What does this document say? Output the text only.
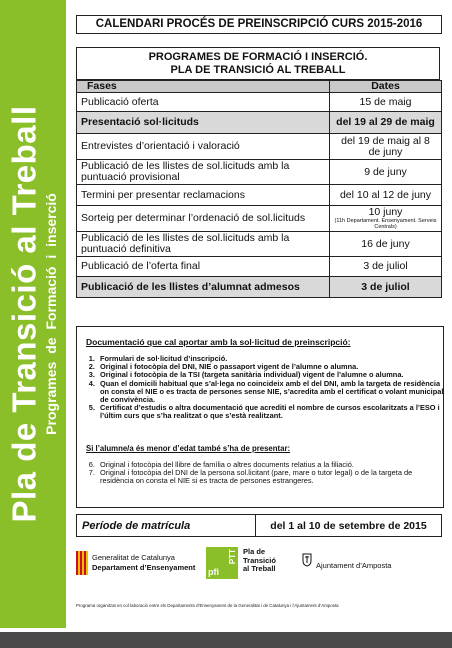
Pla de Transició al Treball Programes de Formació i inserció
CALENDARI PROCÉS DE PREINSCRIPCIÓ CURS 2015-2016
PROGRAMES DE FORMACIÓ I INSERCIÓ.
PLA DE TRANSICIÓ AL TREBALL
Fases	Dates
Publicació oferta	15 de maig
Presentació sol·licituds	del 19 al 29 de maig
Entrevistes d’orientació i valoració	del 19 de maig al 8 de juny
Publicació de les llistes de sol.licituds amb la puntuació provisional	9 de juny
Termini per presentar reclamacions	del 10 al 12 de juny
Sorteig per determinar l’ordenació de sol.licituds	10 juny
(11h Departament. Ensenyament. Serveis Centrals)

Publicació de les llistes de sol.licituds amb la puntuació definitiva	16 de juny
Publicació de l’oferta final	3 de juliol
Publicació de les llistes d’alumnat admesos	3 de juliol
Documentació que cal aportar amb la sol·licitud de preinscripció:
1. Formulari de sol·licitud d’inscripció.
2. Original i fotocòpia del DNI, NIE o passaport vigent de l’alumne o alumna.
3. Original i fotocòpia de la TSI (targeta sanitària individual) vigent de l’alumne o alumna.
4. Quan el domicili habitual que s’al·lega no coincideix amb el del DNI, amb la targeta de residència on consta el NIE o es tracta de persones sense NIE, s’acredita amb el certificat o volant municipal de convivència.
5. Certificat d’estudis o altra documentació que acrediti el nombre de cursos escolaritzats a l’ESO i l’últim curs que s’ha realitzat o que s’està realitzant.
Si l’alumne/a és menor d’edat també s’ha de presentar:
6. Original i fotocòpia del llibre de família o altres documents relatius a la filiació.
7. Original i fotocòpia del DNI de la persona sol.licitant (pare, mare o tutor legal) o de la targeta de residència on consta el NIE si es tracta de persones estrangeres.
Període de matrícula	del 1 al 10 de setembre de 2015
Generalitat de Catalunya
Departament d’Ensenyament
PTT
pfi
Pla de
Transició
al Treball	Ajuntament d’Amposta
Programa organitzat en col·laboració entre els Departaments d’Ensenyament de la Generalitat i de Catalunya i l’Ajuntament d’Amposta
